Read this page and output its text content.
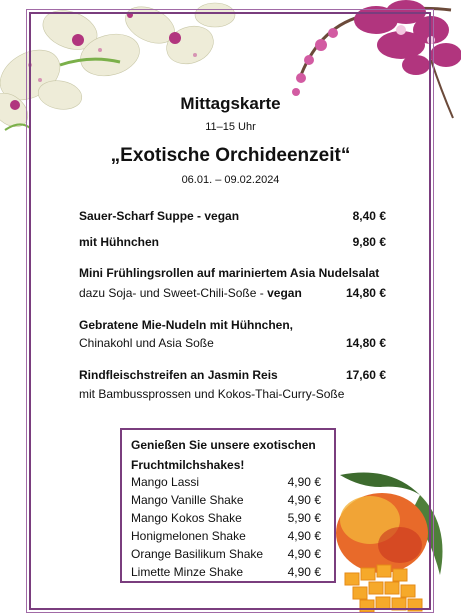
Mittagskarte
11–15 Uhr
„Exotische Orchideenzeit“
06.01. – 09.02.2024
Sauer-Scharf Suppe - vegan	8,40 €
mit Hühnchen	9,80 €
Mini Frühlingsrollen auf mariniertem Asia Nudelsalat
dazu Soja- und Sweet-Chili-Soße - vegan	14,80 €
Gebratene Mie-Nudeln mit Hühnchen,
Chinakohl und Asia Soße	14,80 €
Rindfleischstreifen an Jasmin Reis	17,60 €
mit Bambussprossen und Kokos-Thai-Curry-Soße
Genießen Sie unsere exotischen
Fruchtmilchshakes!
Mango Lassi	4,90 €
Mango Vanille Shake	4,90 €
Mango Kokos Shake	5,90 €
Honigmelonen Shake	4,90 €
Orange Basilikum Shake 4,90 €
Limette Minze Shake	4,90 €
